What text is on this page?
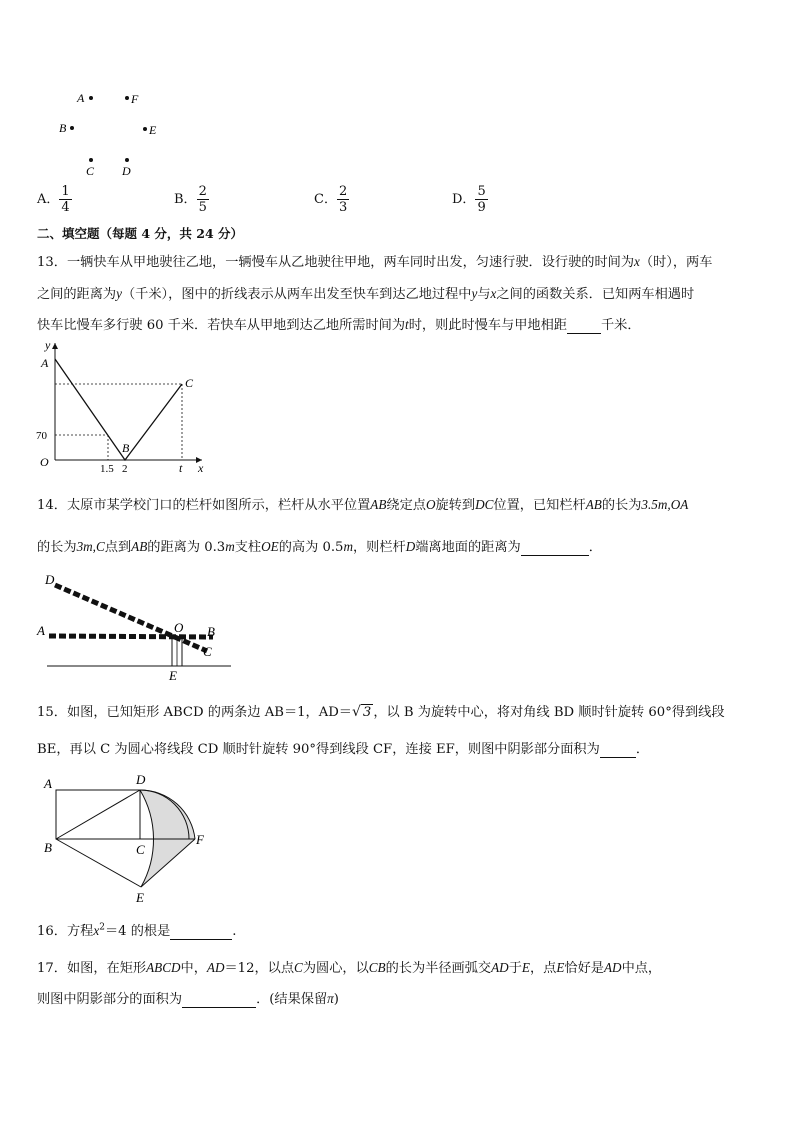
A	F
B	E
C D
A． $\frac{1}{4}$	B． $\frac{2}{5}$	C． $\frac{2}{3}$	D． $\frac{5}{9}$
二、填空题（每题 4 分，共 24 分）
13．一辆快车从甲地驶往乙地，一辆慢车从乙地驶往甲地，两车同时出发，匀速行驶．设行驶的时间为x（时），两车
之间的距离为y（千米），图中的折线表示从两车出发至快车到达乙地过程中y与x之间的函数关系．已知两车相遇时
快车比慢车多行驶 60 千米．若快车从甲地到达乙地所需时间为t时，则此时慢车与甲地相距	千米．
y
A
C
B
70
O	1.5 2	t x
14．太原市某学校门口的栏杆如图所示，栏杆从水平位置AB绕定点O旋转到DC位置，已知栏杆AB的长为3.5m,OA
的长为3m,C点到AB的距离为 0.3m支柱OE的高为 0.5m，则栏杆D端离地面的距离为	．
D
A	O B
C
E
15．如图，已知矩形 ABCD 的两条边 AB＝1，AD＝√ 3 ，以 B 为旋转中心，将对角线 BD 顺时针旋转 60°得到线段
BE，再以 C 为圆心将线段 CD 顺时针旋转 90°得到线段 CF，连接 EF，则图中阴影部分面积为	．
A	D
B	C
F
E
16．方程$x^2=4$ 的根是	.
17．如图，在矩形ABCD中，AD＝12，以点C为圆心，以CB的长为半径画弧交AD于E，点E恰好是AD中点，
则图中阴影部分的面积为	．(结果保留π)
